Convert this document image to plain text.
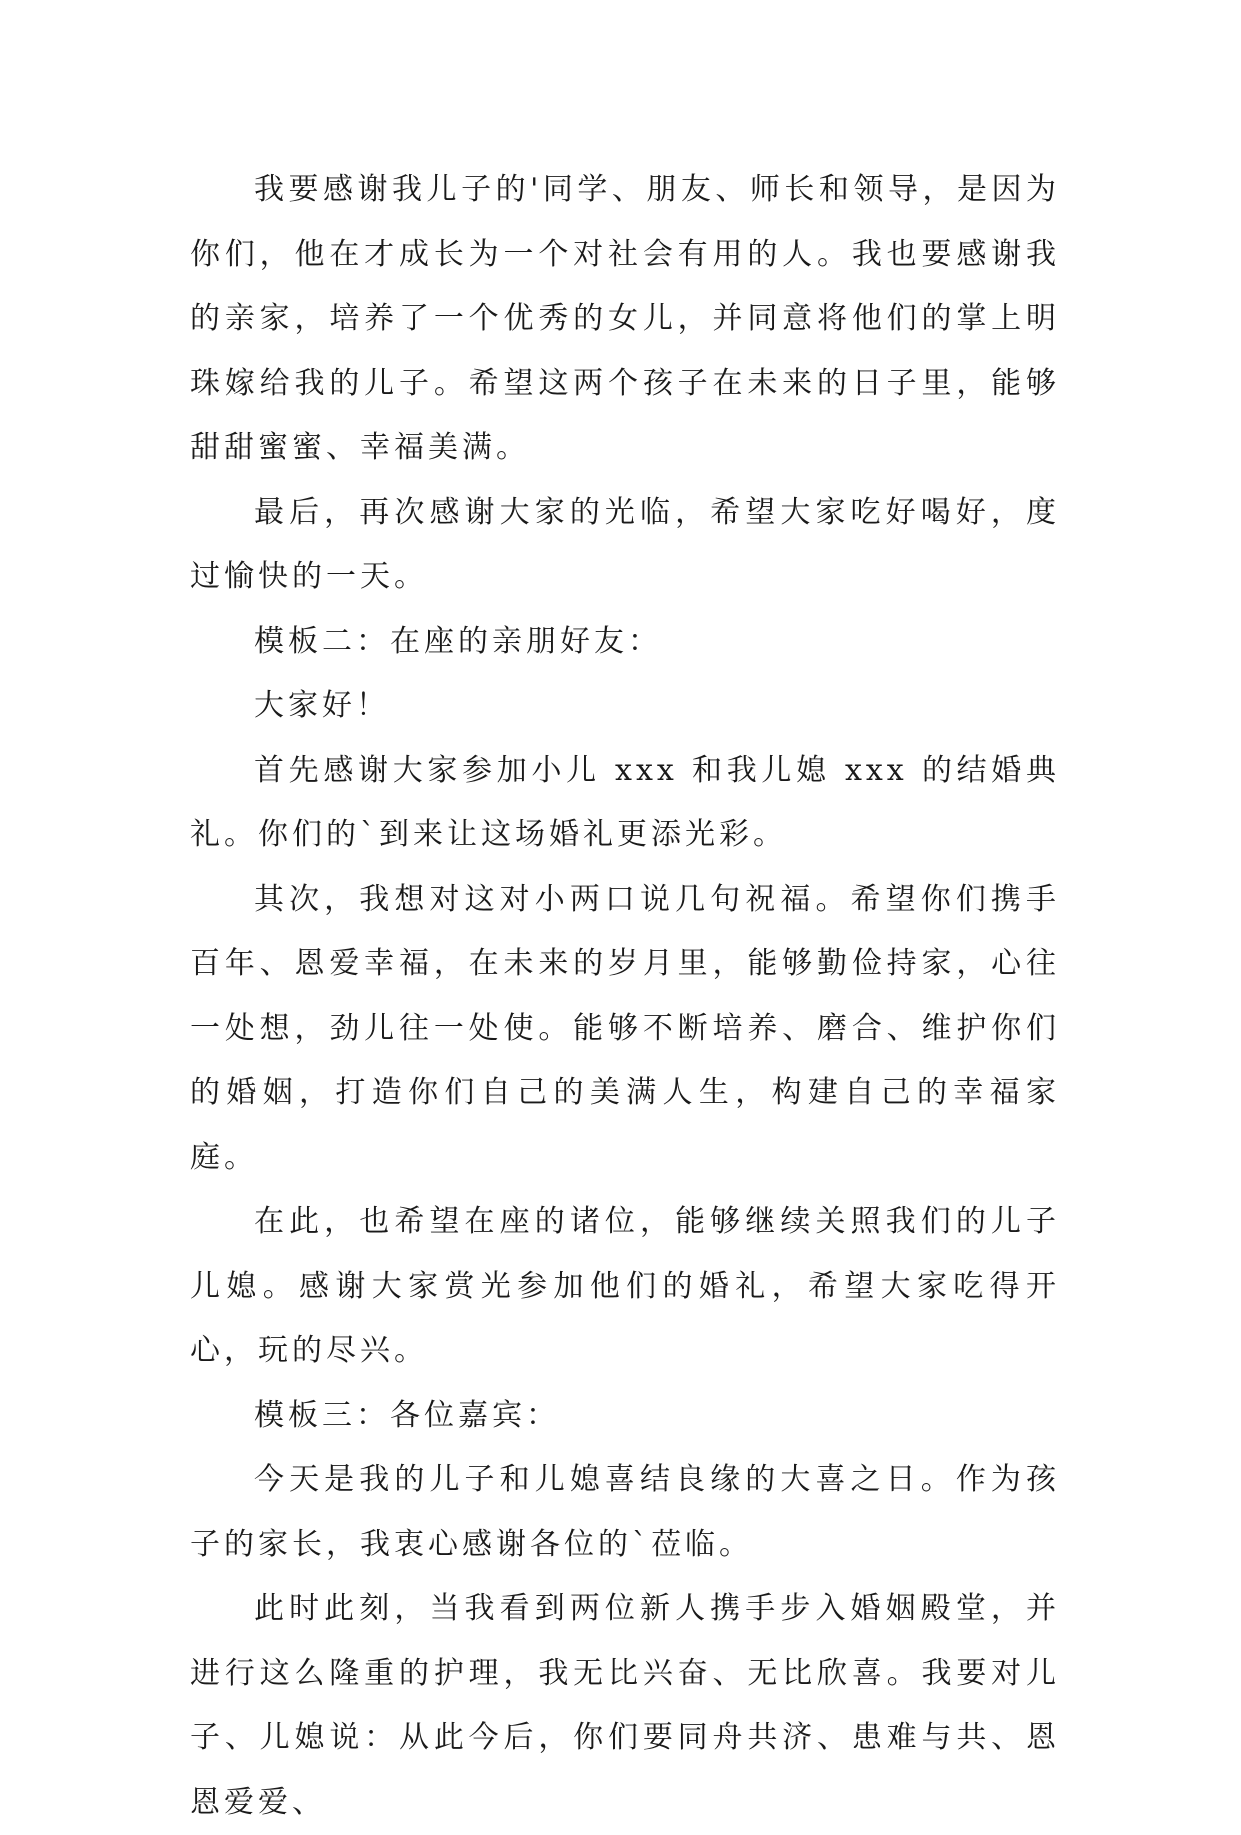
我要感谢我儿子的'同学、朋友、师长和领导，是因为你们，他在才成长为一个对社会有用的人。我也要感谢我的亲家，培养了一个优秀的女儿，并同意将他们的掌上明珠嫁给我的儿子。希望这两个孩子在未来的日子里，能够甜甜蜜蜜、幸福美满。

最后，再次感谢大家的光临，希望大家吃好喝好，度过愉快的一天。

模板二：在座的亲朋好友：

大家好！

首先感谢大家参加小儿 xxx 和我儿媳 xxx 的结婚典礼。你们的`到来让这场婚礼更添光彩。

其次，我想对这对小两口说几句祝福。希望你们携手百年、恩爱幸福，在未来的岁月里，能够勤俭持家，心往一处想，劲儿往一处使。能够不断培养、磨合、维护你们的婚姻，打造你们自己的美满人生，构建自己的幸福家庭。

在此，也希望在座的诸位，能够继续关照我们的儿子儿媳。感谢大家赏光参加他们的婚礼，希望大家吃得开心，玩的尽兴。

模板三：各位嘉宾：

今天是我的儿子和儿媳喜结良缘的大喜之日。作为孩子的家长，我衷心感谢各位的`莅临。

此时此刻，当我看到两位新人携手步入婚姻殿堂，并进行这么隆重的护理，我无比兴奋、无比欣喜。我要对儿子、儿媳说：从此今后，你们要同舟共济、患难与共、恩恩爱爱、
